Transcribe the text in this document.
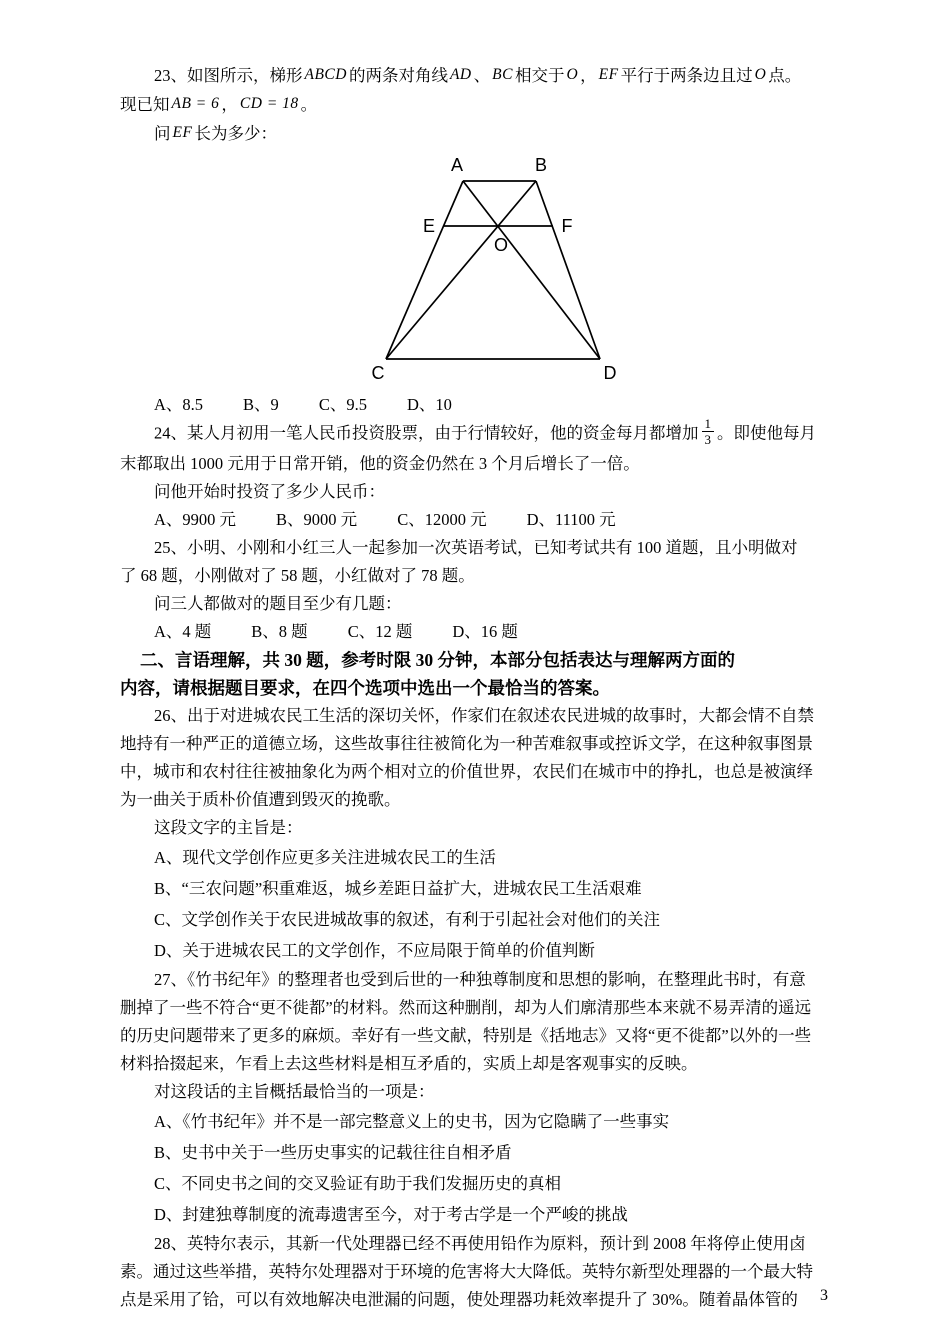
23、如图所示，梯形 ABCD 的两条对角线 AD 、 BC 相交于 O ， EF 平行于两条边且过 O 点。
现已知 AB = 6 ， CD = 18 。
问 EF 长为多少：
A	B
E	F
O
C	D
A、8.5 B、9 C、9.5 D、10
24、某人月初用一笔人民币投资股票，由于行情较好，他的资金每月都增加 $\frac{1}{3}$ 。即使他每月
末都取出 1000 元用于日常开销，他的资金仍然在 3 个月后增长了一倍。
问他开始时投资了多少人民币：
A、9900 元 B、9000 元 C、12000 元 D、11100 元
25、小明、小刚和小红三人一起参加一次英语考试，已知考试共有 100 道题，且小明做对
了 68 题，小刚做对了 58 题，小红做对了 78 题。
问三人都做对的题目至少有几题：
A、4 题 B、8 题 C、12 题 D、16 题
二、言语理解，共 30 题，参考时限 30 分钟，本部分包括表达与理解两方面的
内容，请根据题目要求，在四个选项中选出一个最恰当的答案。
26、出于对进城农民工生活的深切关怀，作家们在叙述农民进城的故事时，大都会情不自禁
地持有一种严正的道德立场，这些故事往往被简化为一种苦难叙事或控诉文学，在这种叙事图景
中，城市和农村往往被抽象化为两个相对立的价值世界，农民们在城市中的挣扎，也总是被演绎
为一曲关于质朴价值遭到毁灭的挽歌。
这段文字的主旨是：
A、现代文学创作应更多关注进城农民工的生活
B、“三农问题”积重难返，城乡差距日益扩大，进城农民工生活艰难
C、文学创作关于农民进城故事的叙述，有利于引起社会对他们的关注
D、关于进城农民工的文学创作，不应局限于简单的价值判断
27、《竹书纪年》的整理者也受到后世的一种独尊制度和思想的影响，在整理此书时，有意
删掉了一些不符合“更不徙都”的材料。然而这种删削，却为人们廓清那些本来就不易弄清的遥远
的历史问题带来了更多的麻烦。幸好有一些文献，特别是《括地志》又将“更不徙都”以外的一些
材料拾掇起来，乍看上去这些材料是相互矛盾的，实质上却是客观事实的反映。
对这段话的主旨概括最恰当的一项是：
A、《竹书纪年》并不是一部完整意义上的史书，因为它隐瞒了一些事实
B、史书中关于一些历史事实的记载往往自相矛盾
C、不同史书之间的交叉验证有助于我们发掘历史的真相
D、封建独尊制度的流毒遗害至今，对于考古学是一个严峻的挑战
28、英特尔表示，其新一代处理器已经不再使用铅作为原料，预计到 2008 年将停止使用卤
素。通过这些举措，英特尔处理器对于环境的危害将大大降低。英特尔新型处理器的一个最大特
点是采用了铪，可以有效地解决电泄漏的问题，使处理器功耗效率提升了 30%。随着晶体管的	3
